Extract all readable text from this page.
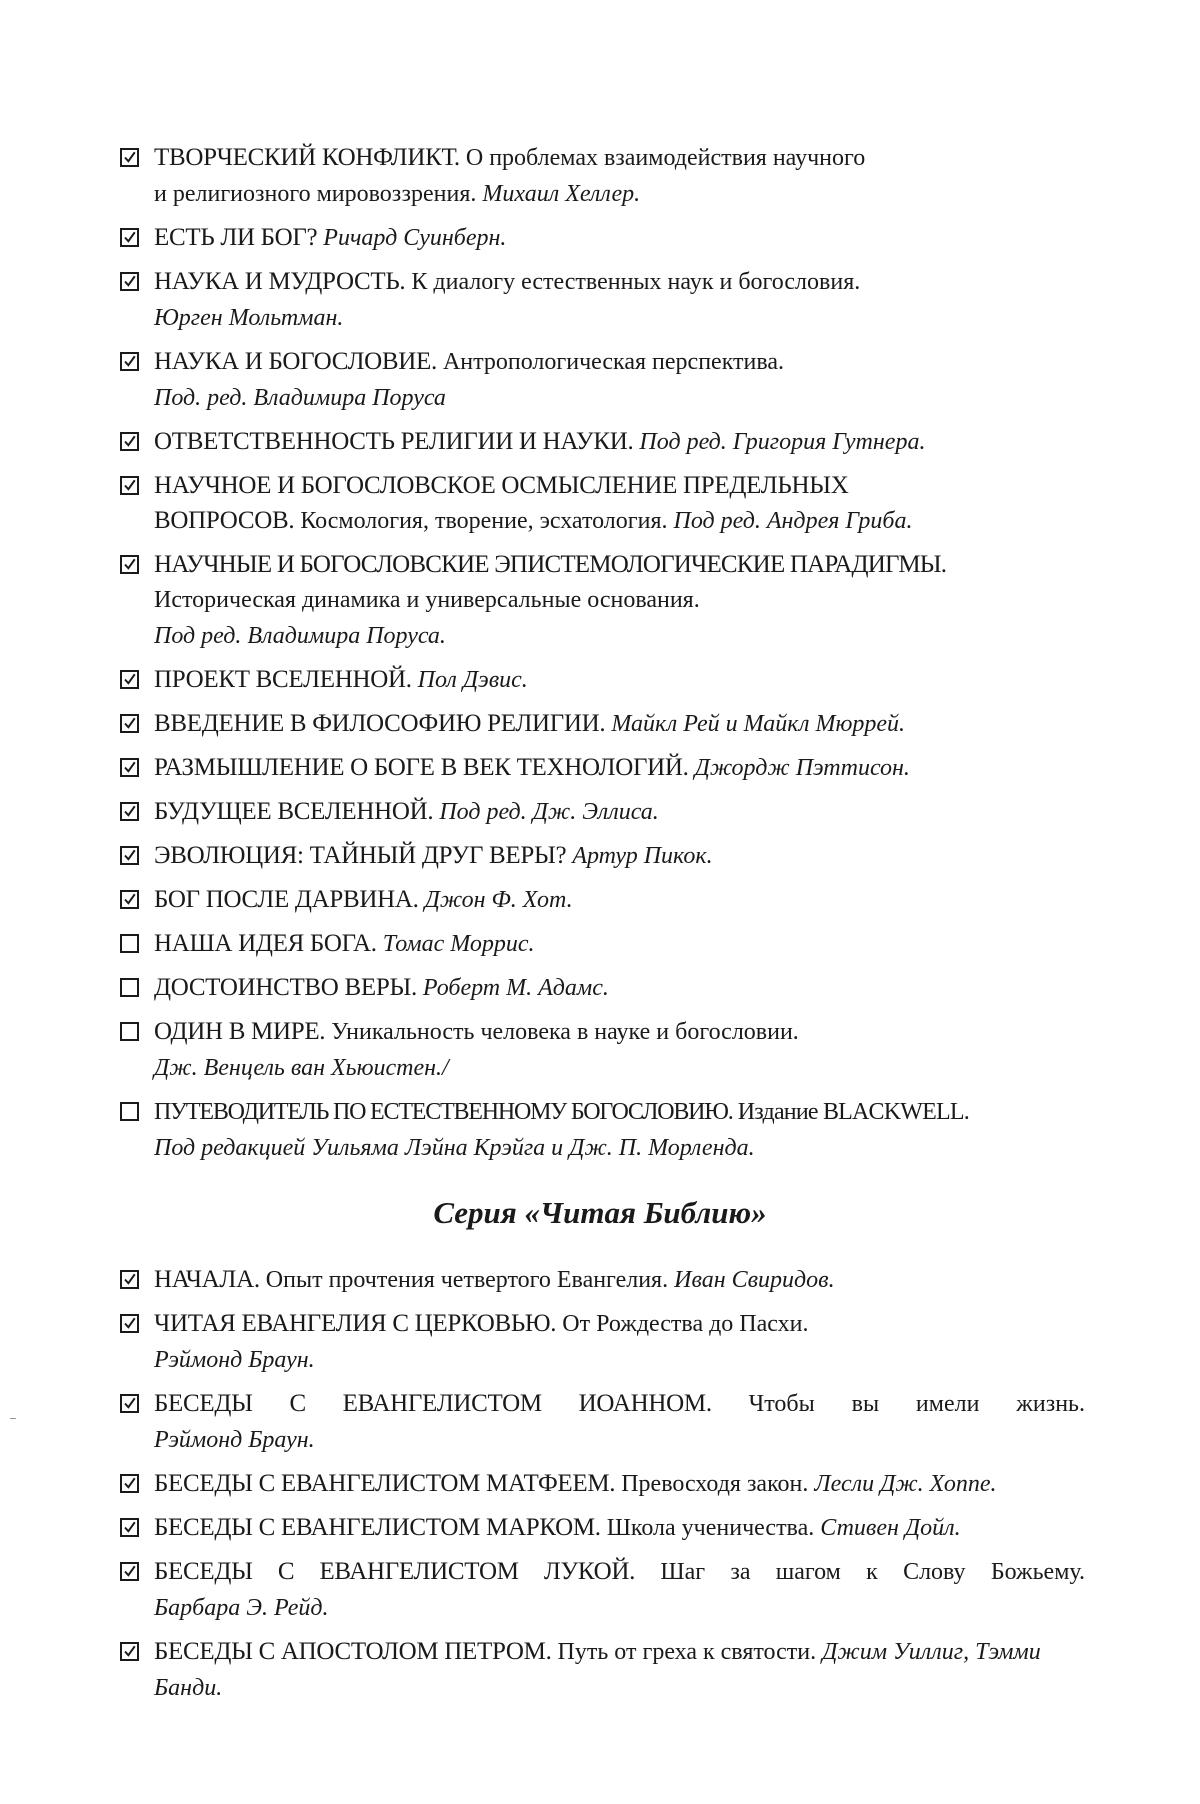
ТВОРЧЕСКИЙ КОНФЛИКТ. О проблемах взаимодействия научного
и религиозного мировоззрения. Михаил Хеллер.
ЕСТЬ ЛИ БОГ? Ричард Суинберн.
НАУКА И МУДРОСТЬ. К диалогу естественных наук и богословия.
Юрген Мольтман.
НАУКА И БОГОСЛОВИЕ. Антропологическая перспектива.
Под. ред. Владимира Поруса
ОТВЕТСТВЕННОСТЬ РЕЛИГИИ И НАУКИ. Под ред. Григория Гутнера.
НАУЧНОЕ И БОГОСЛОВСКОЕ ОСМЫСЛЕНИЕ ПРЕДЕЛЬНЫХ
ВОПРОСОВ. Космология, творение, эсхатология. Под ред. Андрея Гриба.
НАУЧНЫЕ И БОГОСЛОВСКИЕ ЭПИСТЕМОЛОГИЧЕСКИЕ ПАРАДИГМЫ.
Историческая динамика и универсальные основания.
Под ред. Владимира Поруса.
ПРОЕКТ ВСЕЛЕННОЙ. Пол Дэвис.
ВВЕДЕНИЕ В ФИЛОСОФИЮ РЕЛИГИИ. Майкл Рей и Майкл Мюррей.
РАЗМЫШЛЕНИЕ О БОГЕ В ВЕК ТЕХНОЛОГИЙ. Джордж Пэттисон.
БУДУЩЕЕ ВСЕЛЕННОЙ. Под ред. Дж. Эллиса.
ЭВОЛЮЦИЯ: ТАЙНЫЙ ДРУГ ВЕРЫ? Артур Пикок.
БОГ ПОСЛЕ ДАРВИНА. Джон Ф. Хот.
НАША ИДЕЯ БОГА. Томас Моррис.
ДОСТОИНСТВО ВЕРЫ. Роберт М. Адамс.
ОДИН В МИРЕ. Уникальность человека в науке и богословии.
Дж. Венцель ван Хьюистен./
ПУТЕВОДИТЕЛЬ ПО ЕСТЕСТВЕННОМУ БОГОСЛОВИЮ. Издание BLACKWELL.
Под редакцией Уильяма Лэйна Крэйга и Дж. П. Морленда.
Серия «Читая Библию»
НАЧАЛА. Опыт прочтения четвертого Евангелия. Иван Свиридов.
ЧИТАЯ ЕВАНГЕЛИЯ С ЦЕРКОВЬЮ. От Рождества до Пасхи.
Рэймонд Браун.
БЕСЕДЫ С ЕВАНГЕЛИСТОМ ИОАННОМ. Чтобы вы имели жизнь.
Рэймонд Браун.
БЕСЕДЫ С ЕВАНГЕЛИСТОМ МАТФЕЕМ. Превосходя закон. Лесли Дж. Хоппе.
БЕСЕДЫ С ЕВАНГЕЛИСТОМ МАРКОМ. Школа ученичества. Стивен Дойл.
БЕСЕДЫ С ЕВАНГЕЛИСТОМ ЛУКОЙ. Шаг за шагом к Слову Божьему.
Барбара Э. Рейд.
БЕСЕДЫ С АПОСТОЛОМ ПЕТРОМ. Путь от греха к святости. Джим Уиллиг, Тэмми Банди.
